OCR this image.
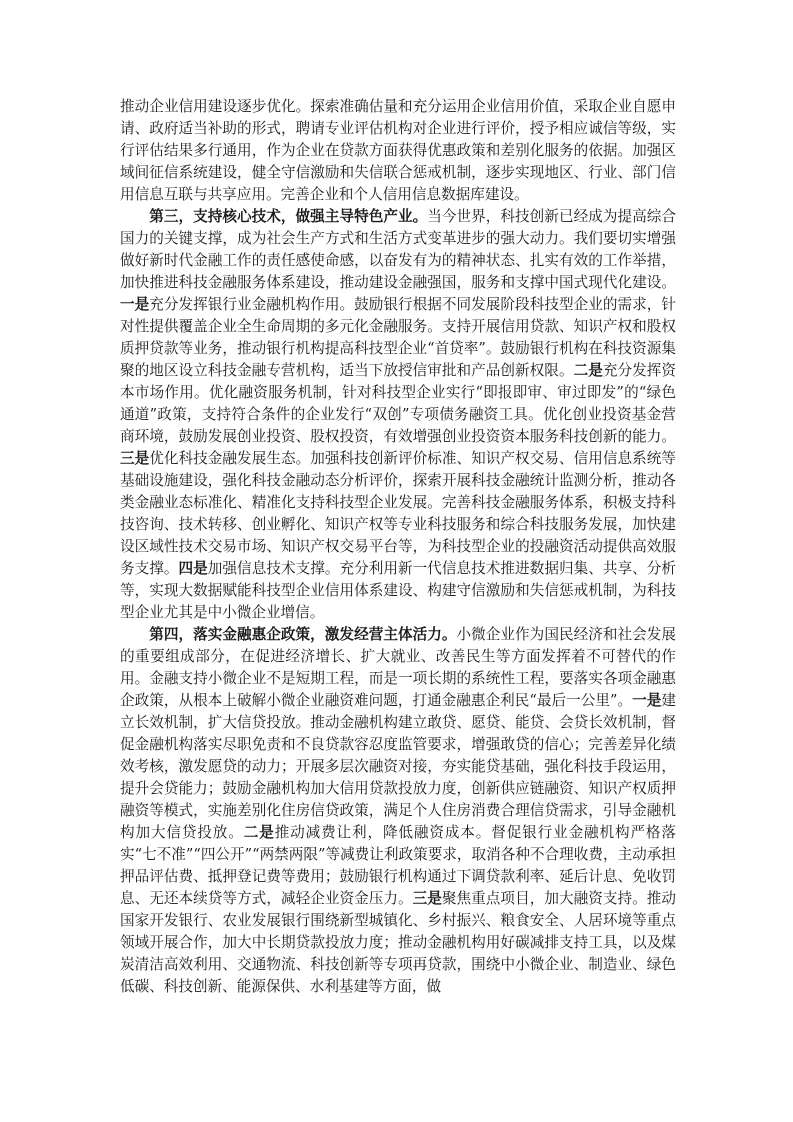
推动企业信用建设逐步优化。探索准确估量和充分运用企业信用价值，采取企业自愿申请、政府适当补助的形式，聘请专业评估机构对企业进行评价，授予相应诚信等级，实行评估结果多行通用，作为企业在贷款方面获得优惠政策和差别化服务的依据。加强区域间征信系统建设，健全守信激励和失信联合惩戒机制，逐步实现地区、行业、部门信用信息互联与共享应用。完善企业和个人信用信息数据库建设。

第三，支持核心技术，做强主导特色产业。当今世界，科技创新已经成为提高综合国力的关键支撑，成为社会生产方式和生活方式变革进步的强大动力。我们要切实增强做好新时代金融工作的责任感使命感，以奋发有为的精神状态、扎实有效的工作举措，加快推进科技金融服务体系建设，推动建设金融强国，服务和支撑中国式现代化建设。一是充分发挥银行业金融机构作用。鼓励银行根据不同发展阶段科技型企业的需求，针对性提供覆盖企业全生命周期的多元化金融服务。支持开展信用贷款、知识产权和股权质押贷款等业务，推动银行机构提高科技型企业“首贷率”。鼓励银行机构在科技资源集聚的地区设立科技金融专营机构，适当下放授信审批和产品创新权限。二是充分发挥资本市场作用。优化融资服务机制，针对科技型企业实行“即报即审、审过即发”的“绿色通道”政策，支持符合条件的企业发行“双创”专项债务融资工具。优化创业投资基金营商环境，鼓励发展创业投资、股权投资，有效增强创业投资资本服务科技创新的能力。三是优化科技金融发展生态。加强科技创新评价标准、知识产权交易、信用信息系统等基础设施建设，强化科技金融动态分析评价，探索开展科技金融统计监测分析，推动各类金融业态标准化、精准化支持科技型企业发展。完善科技金融服务体系，积极支持科技咨询、技术转移、创业孵化、知识产权等专业科技服务和综合科技服务发展，加快建设区域性技术交易市场、知识产权交易平台等，为科技型企业的投融资活动提供高效服务支撑。四是加强信息技术支撑。充分利用新一代信息技术推进数据归集、共享、分析等，实现大数据赋能科技型企业信用体系建设、构建守信激励和失信惩戒机制，为科技型企业尤其是中小微企业增信。

第四，落实金融惠企政策，激发经营主体活力。小微企业作为国民经济和社会发展的重要组成部分，在促进经济增长、扩大就业、改善民生等方面发挥着不可替代的作用。金融支持小微企业不是短期工程，而是一项长期的系统性工程，要落实各项金融惠企政策，从根本上破解小微企业融资难问题，打通金融惠企利民“最后一公里”。一是建立长效机制，扩大信贷投放。推动金融机构建立敢贷、愿贷、能贷、会贷长效机制，督促金融机构落实尽职免责和不良贷款容忍度监管要求，增强敢贷的信心；完善差异化绩效考核，激发愿贷的动力；开展多层次融资对接，夯实能贷基础，强化科技手段运用，提升会贷能力；鼓励金融机构加大信用贷款投放力度，创新供应链融资、知识产权质押融资等模式，实施差别化住房信贷政策，满足个人住房消费合理信贷需求，引导金融机构加大信贷投放。二是推动减费让利，降低融资成本。督促银行业金融机构严格落实“七不准”“四公开”“两禁两限”等减费让利政策要求，取消各种不合理收费，主动承担押品评估费、抵押登记费等费用；鼓励银行机构通过下调贷款利率、延后计息、免收罚息、无还本续贷等方式，减轻企业资金压力。三是聚焦重点项目，加大融资支持。推动国家开发银行、农业发展银行围绕新型城镇化、乡村振兴、粮食安全、人居环境等重点领域开展合作，加大中长期贷款投放力度；推动金融机构用好碳减排支持工具，以及煤炭清洁高效利用、交通物流、科技创新等专项再贷款，围绕中小微企业、制造业、绿色低碳、科技创新、能源保供、水利基建等方面，做
